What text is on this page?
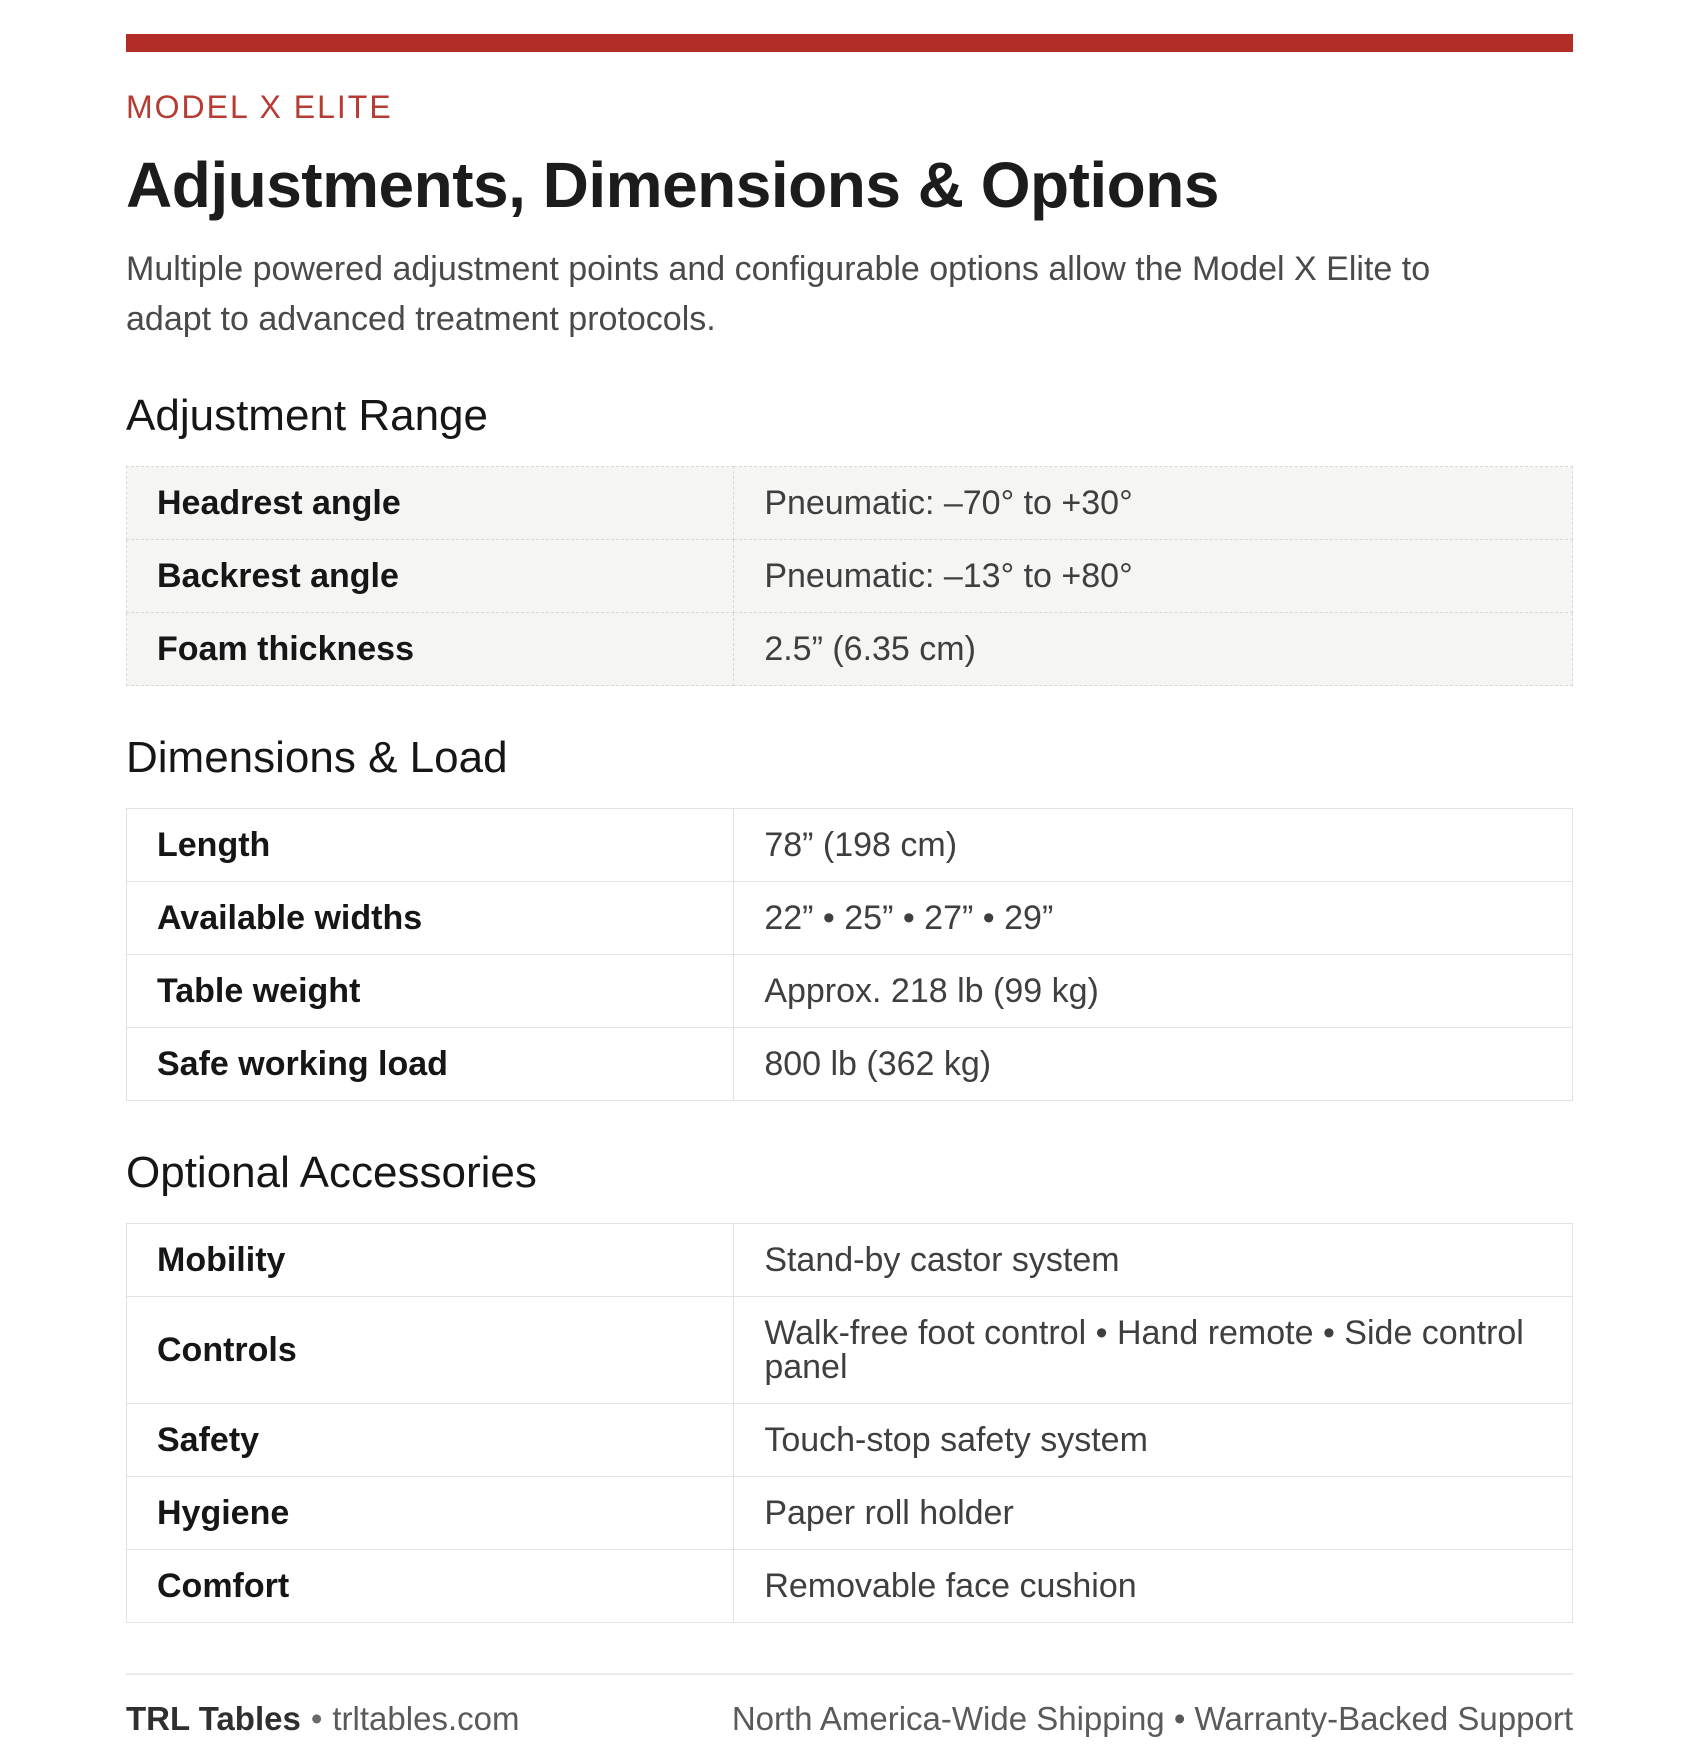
MODEL X ELITE
Adjustments, Dimensions & Options

Multiple powered adjustment points and configurable options allow the Model X Elite to adapt to advanced treatment protocols.

Adjustment Range
Headrest angle	Pneumatic: –70° to +30°
Backrest angle	Pneumatic: –13° to +80°
Foam thickness	2.5” (6.35 cm)
Dimensions & Load
Length	78” (198 cm)
Available widths	22” • 25” • 27” • 29”
Table weight	Approx. 218 lb (99 kg)
Safe working load	800 lb (362 kg)
Optional Accessories
Mobility	Stand-by castor system
Controls	Walk-free foot control • Hand remote • Side control panel
Safety	Touch-stop safety system
Hygiene	Paper roll holder
Comfort	Removable face cushion
TRL Tables • trltables.com	North America-Wide Shipping • Warranty-Backed Support
